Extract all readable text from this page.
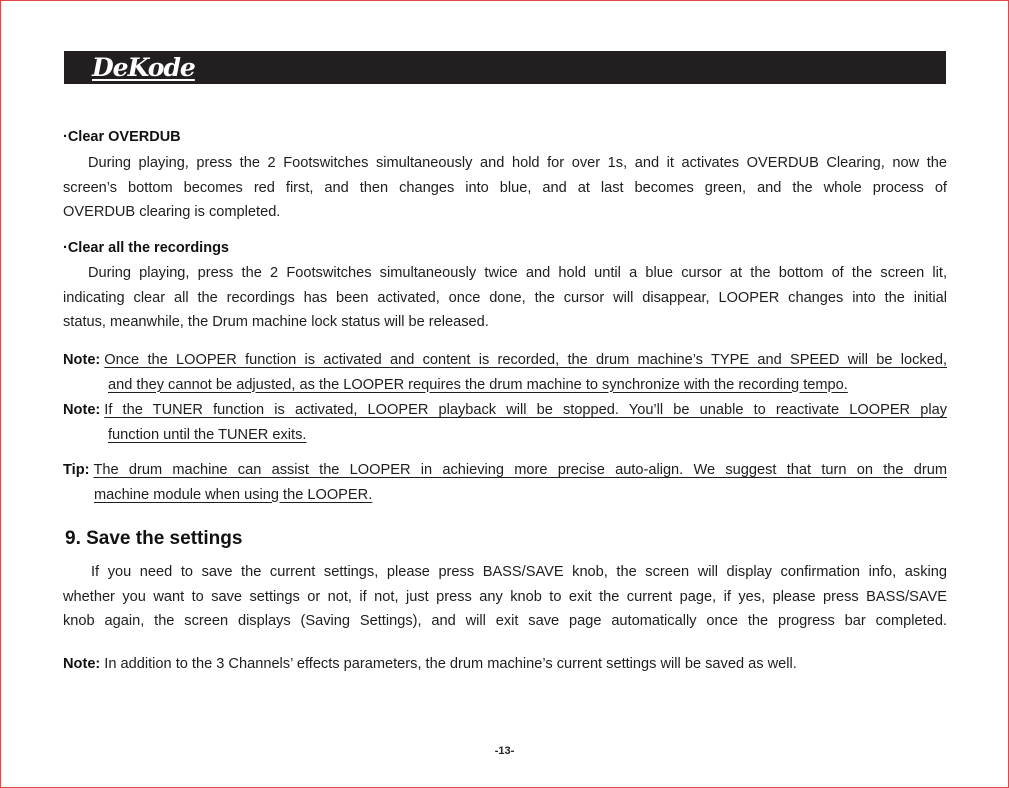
DeKode
·Clear OVERDUB
During playing, press the 2 Footswitches simultaneously and hold for over 1s, and it activates OVERDUB Clearing, now the
screen’s bottom becomes red first, and then changes into blue, and at last becomes green, and the whole process of
OVERDUB clearing is completed.
·Clear all the recordings
During playing, press the 2 Footswitches simultaneously twice and hold until a blue cursor at the bottom of the screen lit,
indicating clear all the recordings has been activated, once done, the cursor will disappear, LOOPER changes into the initial
status, meanwhile, the Drum machine lock status will be released.
Note: Once the LOOPER function is activated and content is recorded, the drum machine’s TYPE and SPEED will be locked,
and they cannot be adjusted, as the LOOPER requires the drum machine to synchronize with the recording tempo.
Note: If the TUNER function is activated, LOOPER playback will be stopped. You’ll be unable to reactivate LOOPER play
function until the TUNER exits.
Tip: The drum machine can assist the LOOPER in achieving more precise auto-align. We suggest that turn on the drum
machine module when using the LOOPER.
9. Save the settings
If you need to save the current settings, please press BASS/SAVE knob, the screen will display confirmation info, asking
whether you want to save settings or not, if not, just press any knob to exit the current page, if yes, please press BASS/SAVE
knob again, the screen displays (Saving Settings), and will exit save page automatically once the progress bar completed.
Note: In addition to the 3 Channels’ effects parameters, the drum machine’s current settings will be saved as well.
-13-
